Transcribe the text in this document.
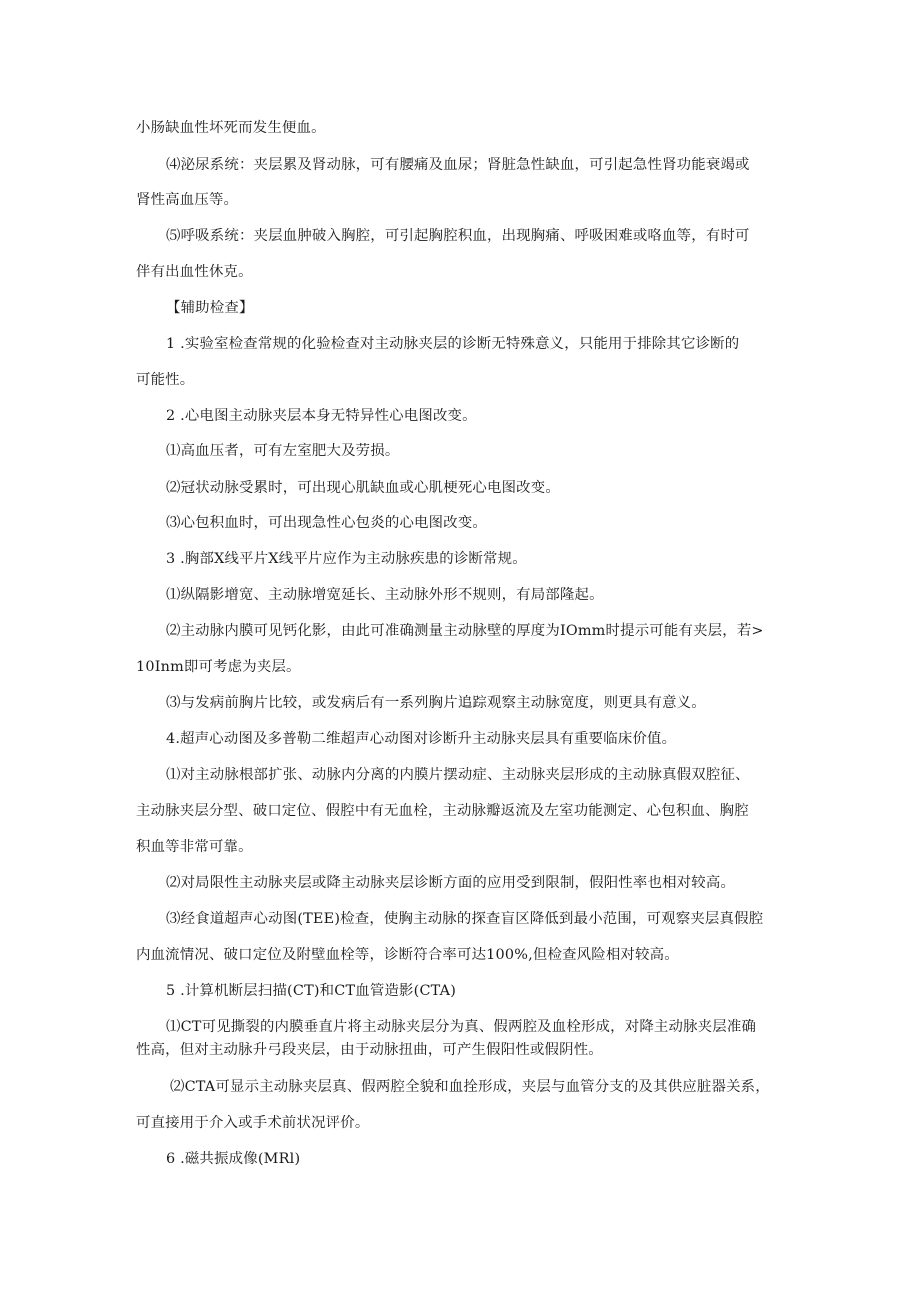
小肠缺血性坏死而发生便血。
⑷泌尿系统：夹层累及肾动脉，可有腰痛及血尿；肾脏急性缺血，可引起急性肾功能衰竭或
肾性高血压等。
⑸呼吸系统：夹层血肿破入胸腔，可引起胸腔积血，出现胸痛、呼吸困难或咯血等，有时可
伴有出血性休克。
【辅助检查】
1 .实验室检查常规的化验检查对主动脉夹层的诊断无特殊意义，只能用于排除其它诊断的
可能性。
2 .心电图主动脉夹层本身无特异性心电图改变。
⑴高血压者，可有左室肥大及劳损。
⑵冠状动脉受累时，可出现心肌缺血或心肌梗死心电图改变。
⑶心包积血时，可出现急性心包炎的心电图改变。
3 .胸部X线平片X线平片应作为主动脉疾患的诊断常规。
⑴纵隔影增宽、主动脉增宽延长、主动脉外形不规则，有局部隆起。
⑵主动脉内膜可见钙化影，由此可准确测量主动脉壁的厚度为IOmm时提示可能有夹层，若>
10Inm即可考虑为夹层。
⑶与发病前胸片比较，或发病后有一系列胸片追踪观察主动脉宽度，则更具有意义。
4.超声心动图及多普勒二维超声心动图对诊断升主动脉夹层具有重要临床价值。
⑴对主动脉根部扩张、动脉内分离的内膜片摆动症、主动脉夹层形成的主动脉真假双腔征、
主动脉夹层分型、破口定位、假腔中有无血栓，主动脉瓣返流及左室功能测定、心包积血、胸腔
积血等非常可靠。
⑵对局限性主动脉夹层或降主动脉夹层诊断方面的应用受到限制，假阳性率也相对较高。
⑶经食道超声心动图(TEE)检查，使胸主动脉的探查盲区降低到最小范围，可观察夹层真假腔
内血流情况、破口定位及附壁血栓等，诊断符合率可达100%,但检查风险相对较高。
5 .计算机断层扫描(CT)和CT血管造影(CTA)
⑴CT可见撕裂的内膜垂直片将主动脉夹层分为真、假两腔及血栓形成，对降主动脉夹层准确
性高，但对主动脉升弓段夹层，由于动脉扭曲，可产生假阳性或假阴性。
⑵CTA可显示主动脉夹层真、假两腔全貌和血拴形成，夹层与血管分支的及其供应脏器关系，
可直接用于介入或手术前状况评价。
6 .磁共振成像(MRl)
